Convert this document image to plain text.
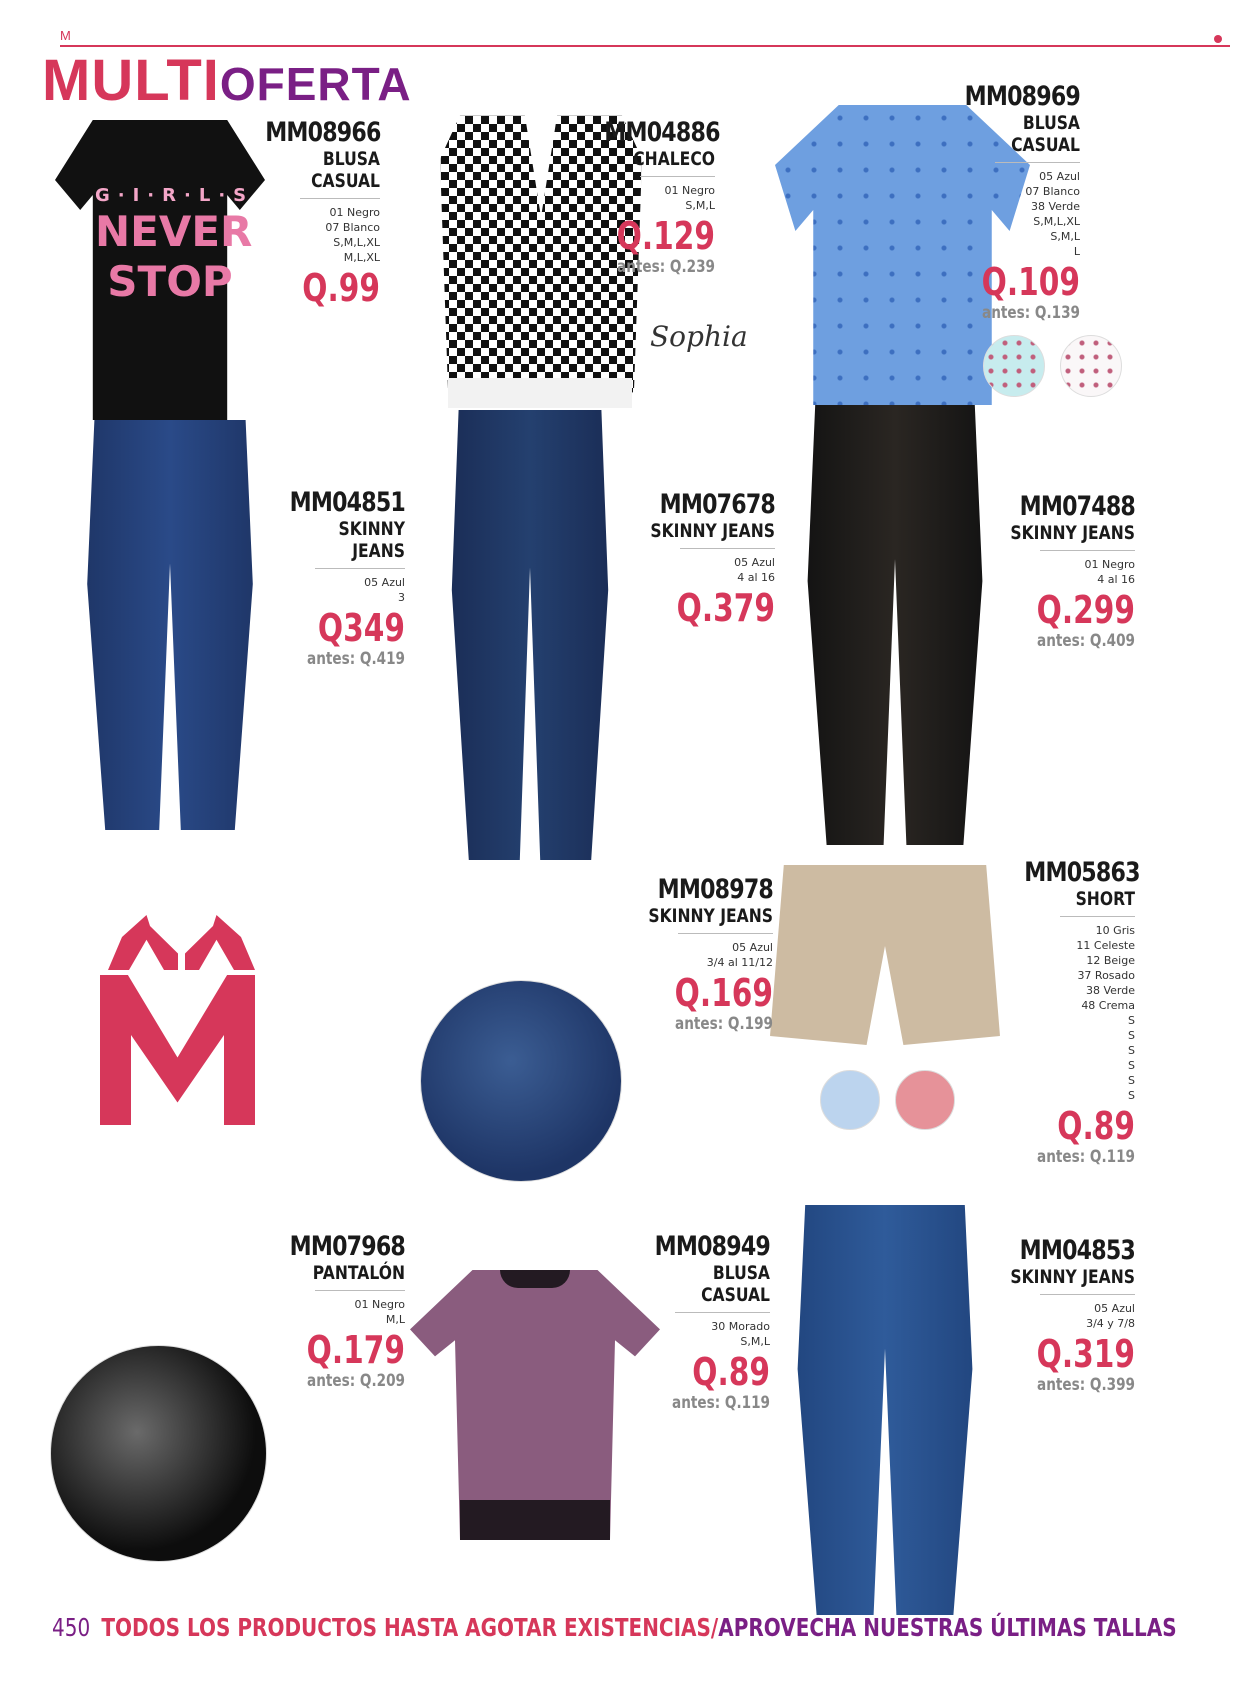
M
MULTIOFERTA
G·I·R·L·S
NEVER
STOP
Sophia
MM08966
BLUSA CASUAL
01 Negro
07 Blanco
S,M,L,XL
M,L,XL
Q.99
MM04886
CHALECO
01 Negro
S,M,L
Q.129
antes: Q.239
MM08969
BLUSA CASUAL
05 Azul
07 Blanco
38 Verde
S,M,L,XL
S,M,L
L
Q.109
antes: Q.139
MM04851
SKINNY JEANS
05 Azul
3
Q349
antes: Q.419
MM07678
SKINNY JEANS
05 Azul
4 al 16
Q.379
MM07488
SKINNY JEANS
01 Negro
4 al 16
Q.299
antes: Q.409
MM08978
SKINNY JEANS
05 Azul
3/4 al 11/12
Q.169
antes: Q.199
MM05863
SHORT
10 Gris
11 Celeste
12 Beige
37 Rosado
38 Verde
48 Crema
S
S
S
S
S
S
Q.89
antes: Q.119
MM07968
PANTALÓN
01 Negro
M,L
Q.179
antes: Q.209
MM08949
BLUSA CASUAL
30 Morado
S,M,L
Q.89
antes: Q.119
MM04853
SKINNY JEANS
05 Azul
3/4 y 7/8
Q.319
antes: Q.399
450 TODOS LOS PRODUCTOS HASTA AGOTAR EXISTENCIAS/APROVECHA NUESTRAS ÚLTIMAS TALLAS
